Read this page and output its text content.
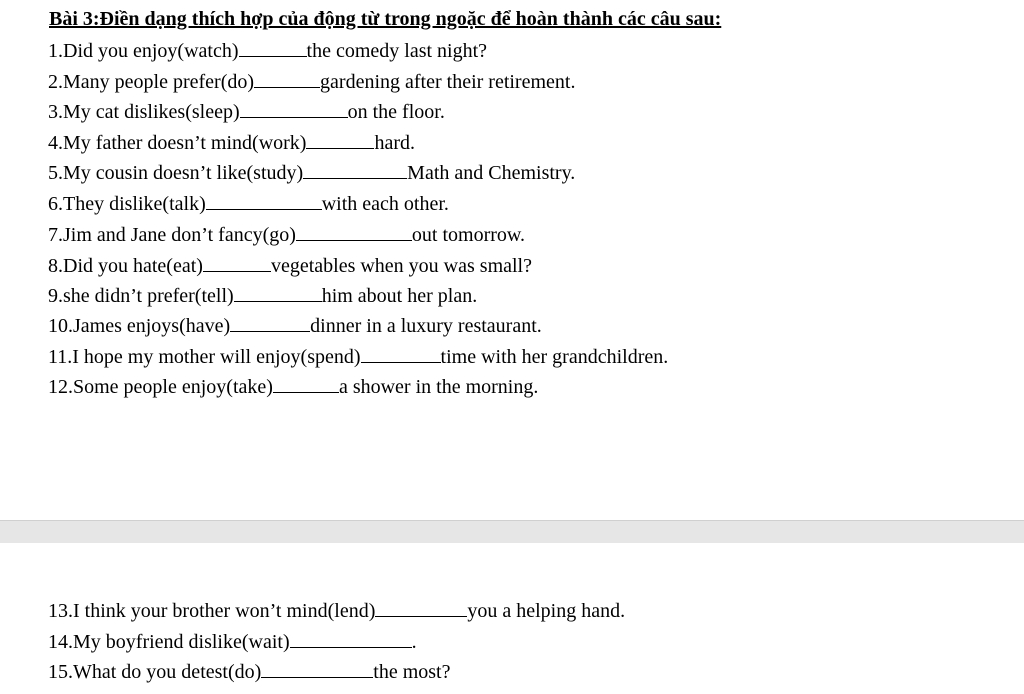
Bài 3:Điền dạng thích hợp của động từ trong ngoặc để hoàn thành các câu sau:
1.Did you enjoy(watch)	the comedy last night?
2.Many people prefer(do)	gardening after their retirement.
3.My cat dislikes(sleep)	on the floor.
4.My father doesn’t mind(work)	hard.
5.My cousin doesn’t like(study)	Math and Chemistry.
6.They dislike(talk)	with each other.
7.Jim and Jane don’t fancy(go)	out tomorrow.
8.Did you hate(eat)	vegetables when you was small?
9.she didn’t prefer(tell)	him about her plan.
10.James enjoys(have)	dinner in a luxury restaurant.
11.I hope my mother will enjoy(spend)	time with her grandchildren.
12.Some people enjoy(take)	a shower in the morning.
13.I think your brother won’t mind(lend)	you a helping hand.
14.My boyfriend dislike(wait)	.
15.What do you detest(do)	the most?
